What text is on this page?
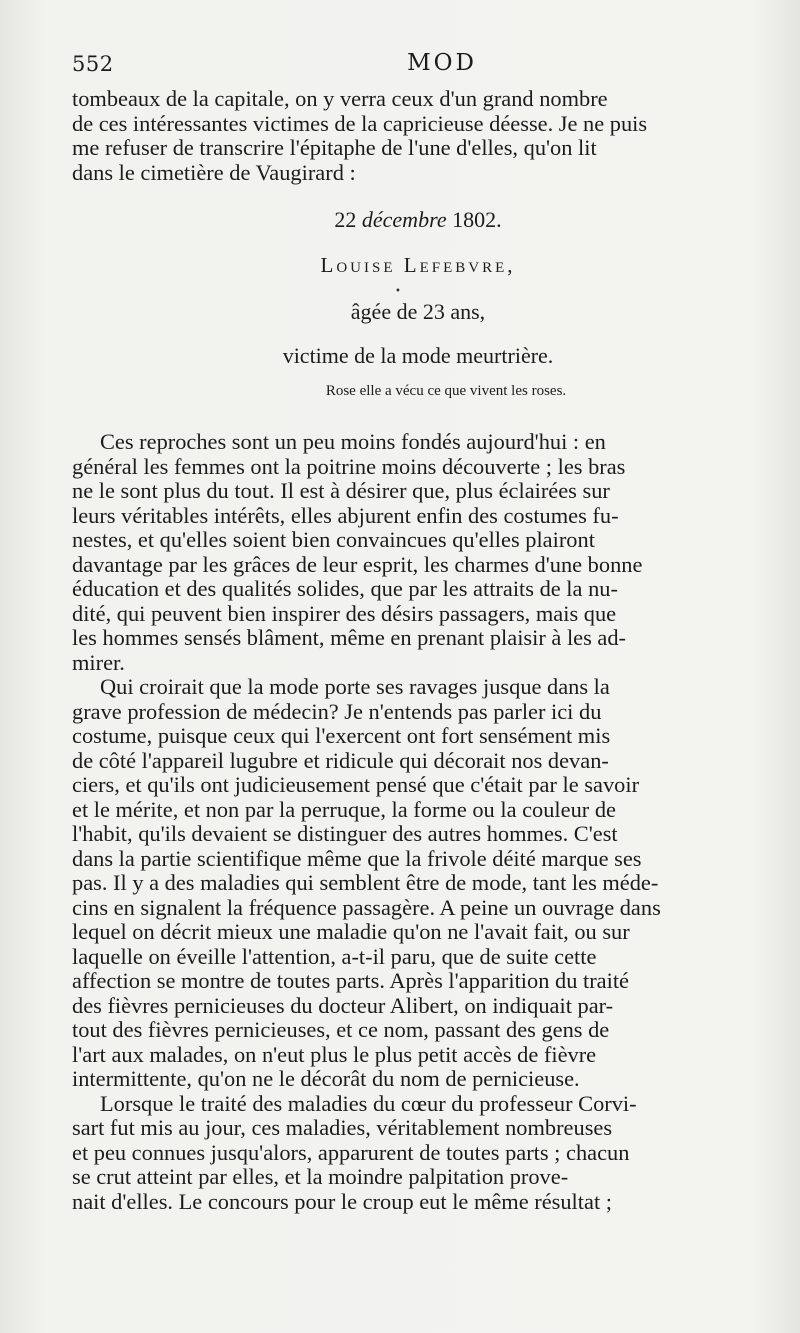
552	MOD

tombeaux de la capitale, on y verra ceux d'un grand nombre
de ces intéressantes victimes de la capricieuse déesse. Je ne puis
me refuser de transcrire l'épitaphe de l'une d'elles, qu'on lit
dans le cimetière de Vaugirard :

22 décembre 1802.
Louise Lefebvre,
•
âgée de 23 ans,
victime de la mode meurtrière.
Rose elle a vécu ce que vivent les roses.

Ces reproches sont un peu moins fondés aujourd'hui : en
général les femmes ont la poitrine moins découverte ; les bras
ne le sont plus du tout. Il est à désirer que, plus éclairées sur
leurs véritables intérêts, elles abjurent enfin des costumes fu-
nestes, et qu'elles soient bien convaincues qu'elles plairont
davantage par les grâces de leur esprit, les charmes d'une bonne
éducation et des qualités solides, que par les attraits de la nu-
dité, qui peuvent bien inspirer des désirs passagers, mais que
les hommes sensés blâment, même en prenant plaisir à les ad-
mirer.

Qui croirait que la mode porte ses ravages jusque dans la
grave profession de médecin? Je n'entends pas parler ici du
costume, puisque ceux qui l'exercent ont fort sensément mis
de côté l'appareil lugubre et ridicule qui décorait nos devan-
ciers, et qu'ils ont judicieusement pensé que c'était par le savoir
et le mérite, et non par la perruque, la forme ou la couleur de
l'habit, qu'ils devaient se distinguer des autres hommes. C'est
dans la partie scientifique même que la frivole déité marque ses
pas. Il y a des maladies qui semblent être de mode, tant les méde-
cins en signalent la fréquence passagère. A peine un ouvrage dans
lequel on décrit mieux une maladie qu'on ne l'avait fait, ou sur
laquelle on éveille l'attention, a-t-il paru, que de suite cette
affection se montre de toutes parts. Après l'apparition du traité
des fièvres pernicieuses du docteur Alibert, on indiquait par-
tout des fièvres pernicieuses, et ce nom, passant des gens de
l'art aux malades, on n'eut plus le plus petit accès de fièvre
intermittente, qu'on ne le décorât du nom de pernicieuse.

Lorsque le traité des maladies du cœur du professeur Corvi-
sart fut mis au jour, ces maladies, véritablement nombreuses
et peu connues jusqu'alors, apparurent de toutes parts ; chacun
se crut atteint par elles, et la moindre palpitation prove-
nait d'elles. Le concours pour le croup eut le même résultat ;
